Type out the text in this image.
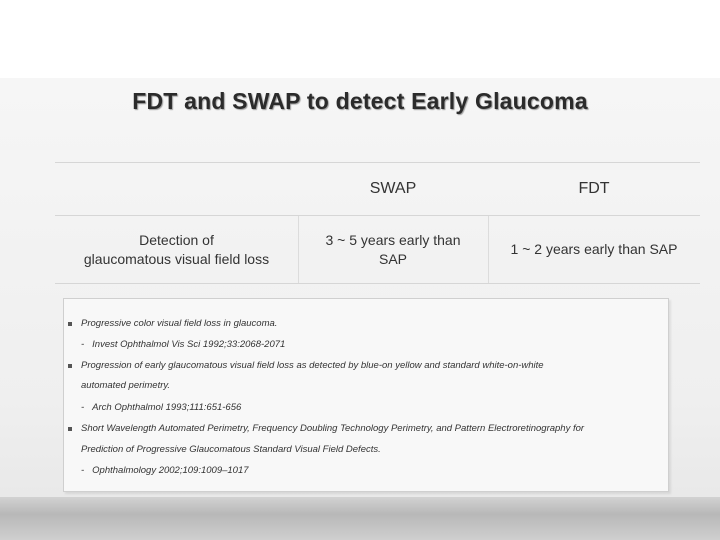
FDT and SWAP to detect Early Glaucoma
SWAP	FDT
Detection of
glaucomatous visual field loss
3 ~ 5 years early than
SAP
1 ~ 2 years early than SAP
Progressive color visual field loss in glaucoma.
- Invest Ophthalmol Vis Sci 1992;33:2068-2071
Progression of early glaucomatous visual field loss as detected by blue-on yellow and standard white-on-white
automated perimetry.
- Arch Ophthalmol 1993;111:651-656
Short Wavelength Automated Perimetry, Frequency Doubling Technology Perimetry, and Pattern Electroretinography for
Prediction of Progressive Glaucomatous Standard Visual Field Defects.
- Ophthalmology 2002;109:1009–1017
